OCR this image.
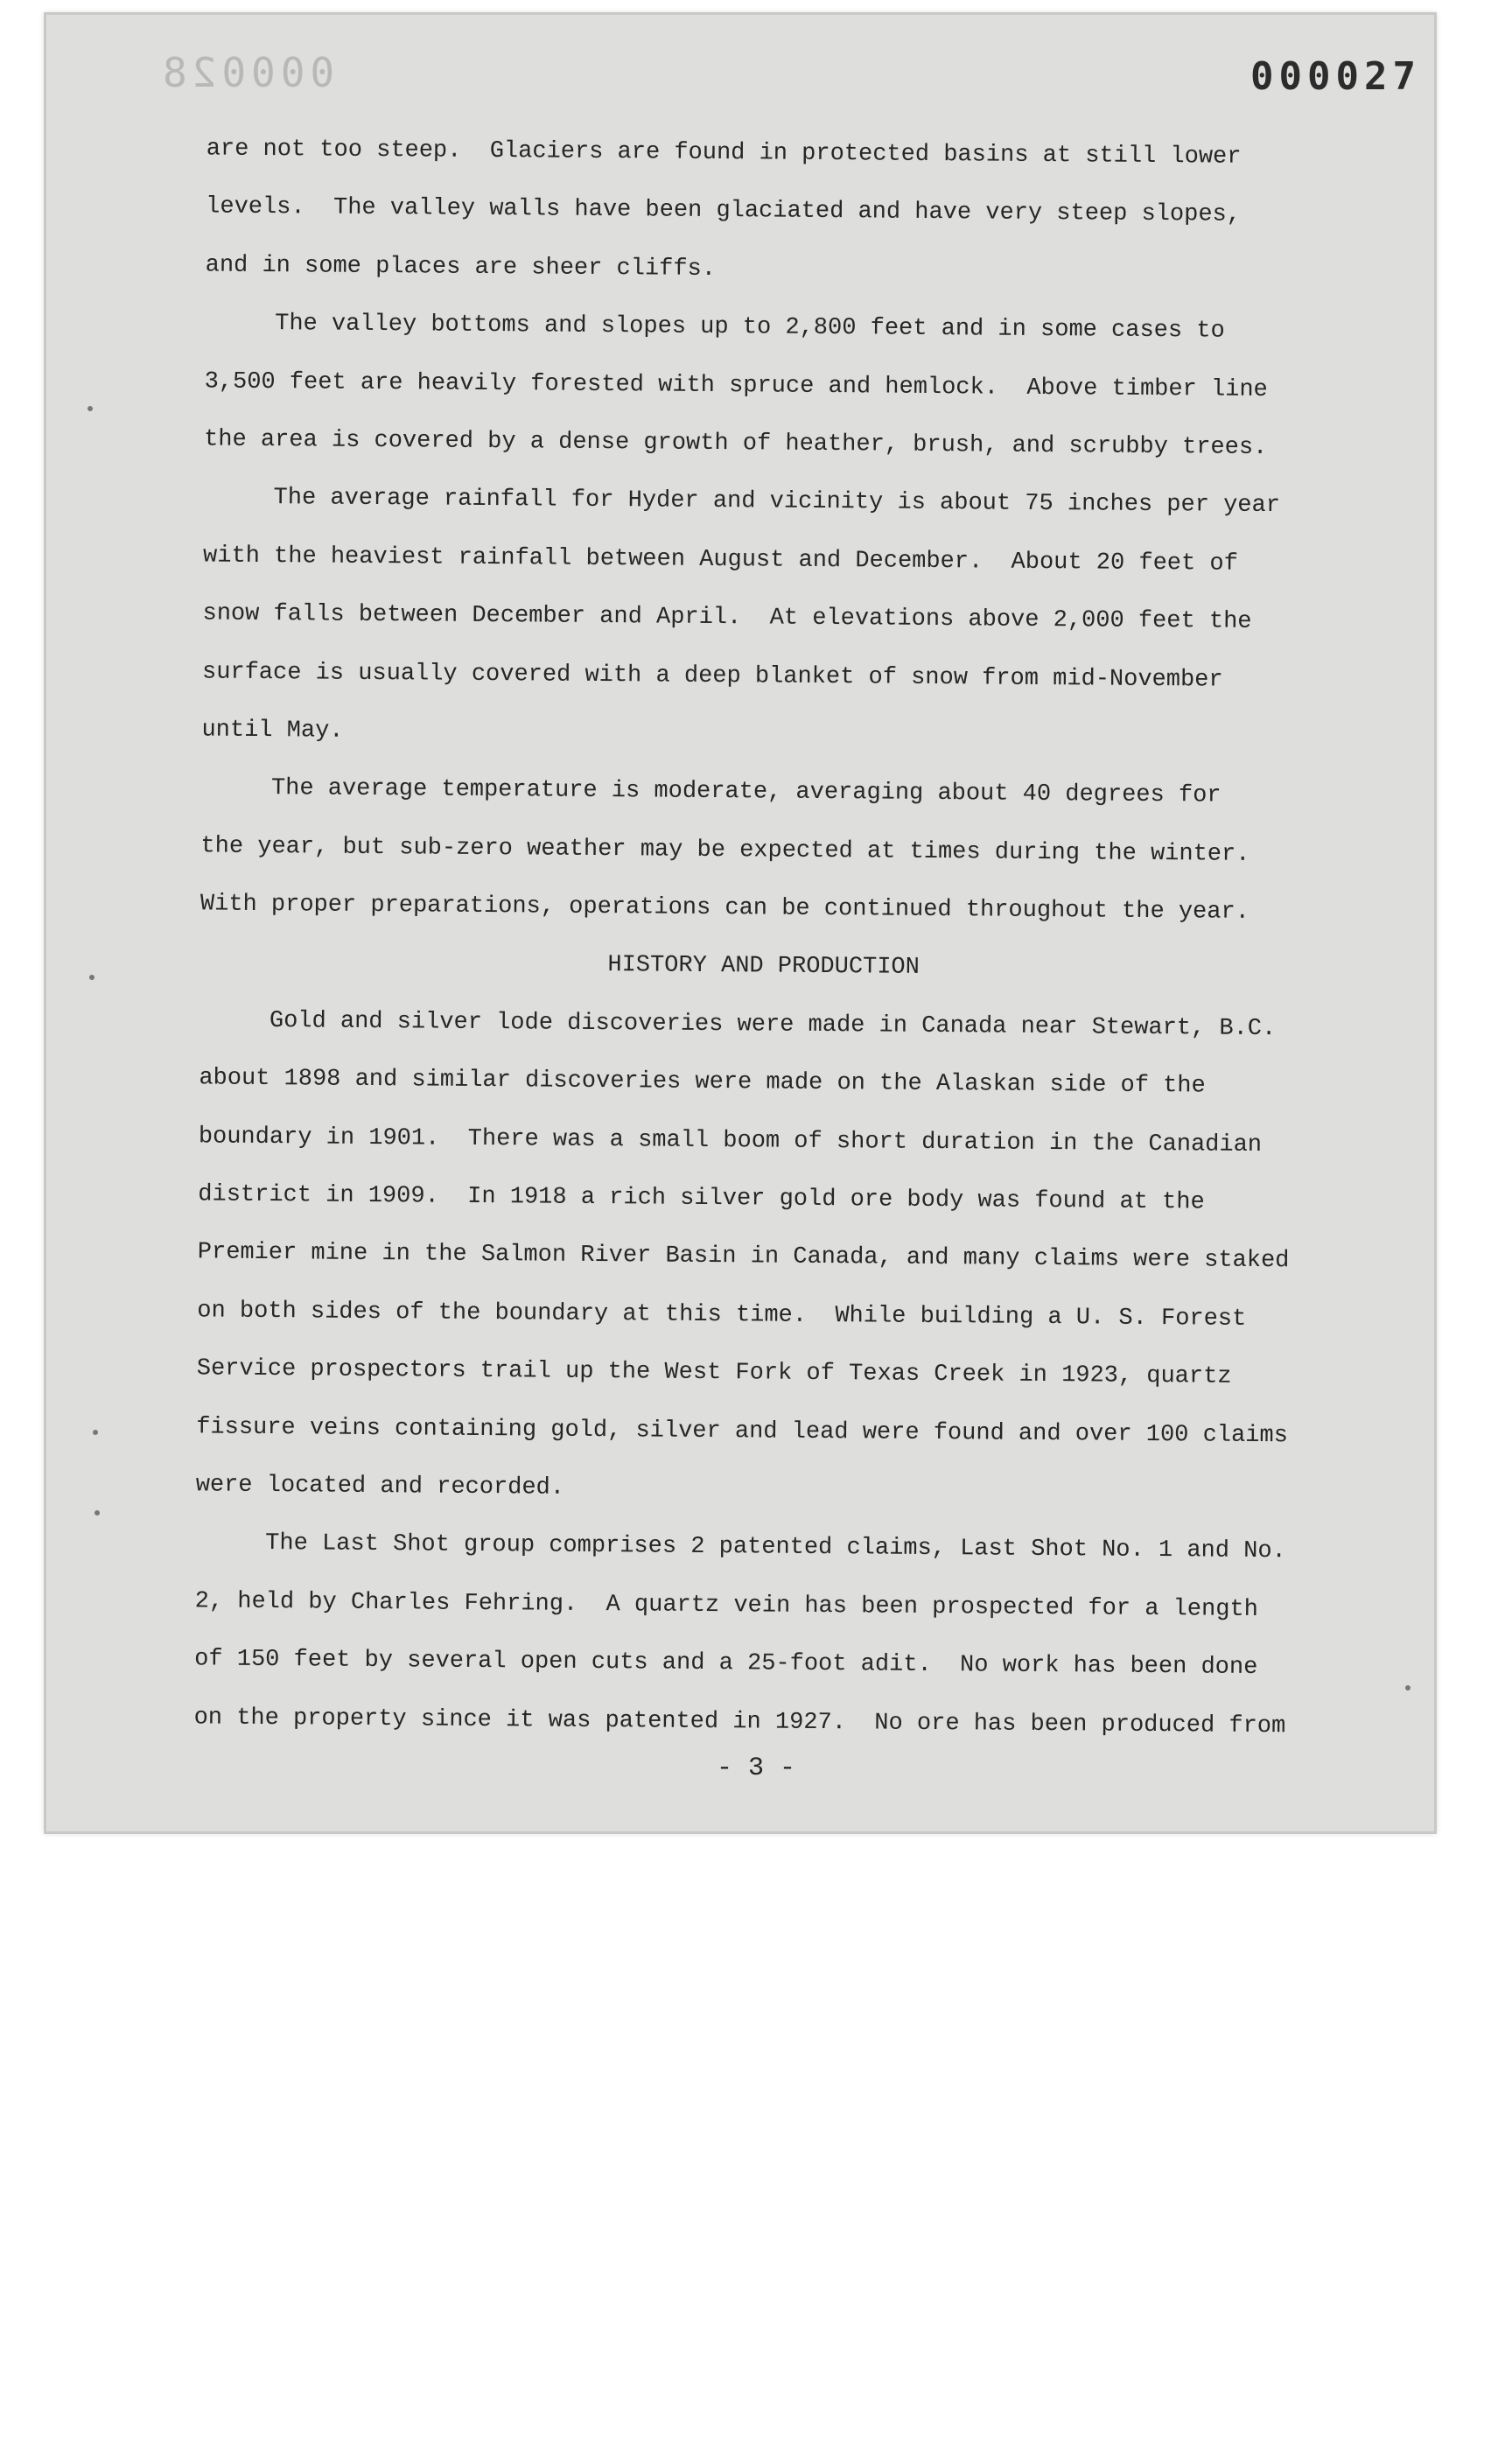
000028	000027
are not too steep.  Glaciers are found in protected basins at still lower
levels.  The valley walls have been glaciated and have very steep slopes,
and in some places are sheer cliffs.
The valley bottoms and slopes up to 2,800 feet and in some cases to
3,500 feet are heavily forested with spruce and hemlock.  Above timber line
the area is covered by a dense growth of heather, brush, and scrubby trees.
The average rainfall for Hyder and vicinity is about 75 inches per year
with the heaviest rainfall between August and December.  About 20 feet of
snow falls between December and April.  At elevations above 2,000 feet the
surface is usually covered with a deep blanket of snow from mid-November
until May.
The average temperature is moderate, averaging about 40 degrees for
the year, but sub-zero weather may be expected at times during the winter.
With proper preparations, operations can be continued throughout the year.
HISTORY AND PRODUCTION
Gold and silver lode discoveries were made in Canada near Stewart, B.C.
about 1898 and similar discoveries were made on the Alaskan side of the
boundary in 1901.  There was a small boom of short duration in the Canadian
district in 1909.  In 1918 a rich silver gold ore body was found at the
Premier mine in the Salmon River Basin in Canada, and many claims were staked
on both sides of the boundary at this time.  While building a U. S. Forest
Service prospectors trail up the West Fork of Texas Creek in 1923, quartz
fissure veins containing gold, silver and lead were found and over 100 claims
were located and recorded.
The Last Shot group comprises 2 patented claims, Last Shot No. 1 and No.
2, held by Charles Fehring.  A quartz vein has been prospected for a length
of 150 feet by several open cuts and a 25-foot adit.  No work has been done
on the property since it was patented in 1927.  No ore has been produced from
- 3 -
